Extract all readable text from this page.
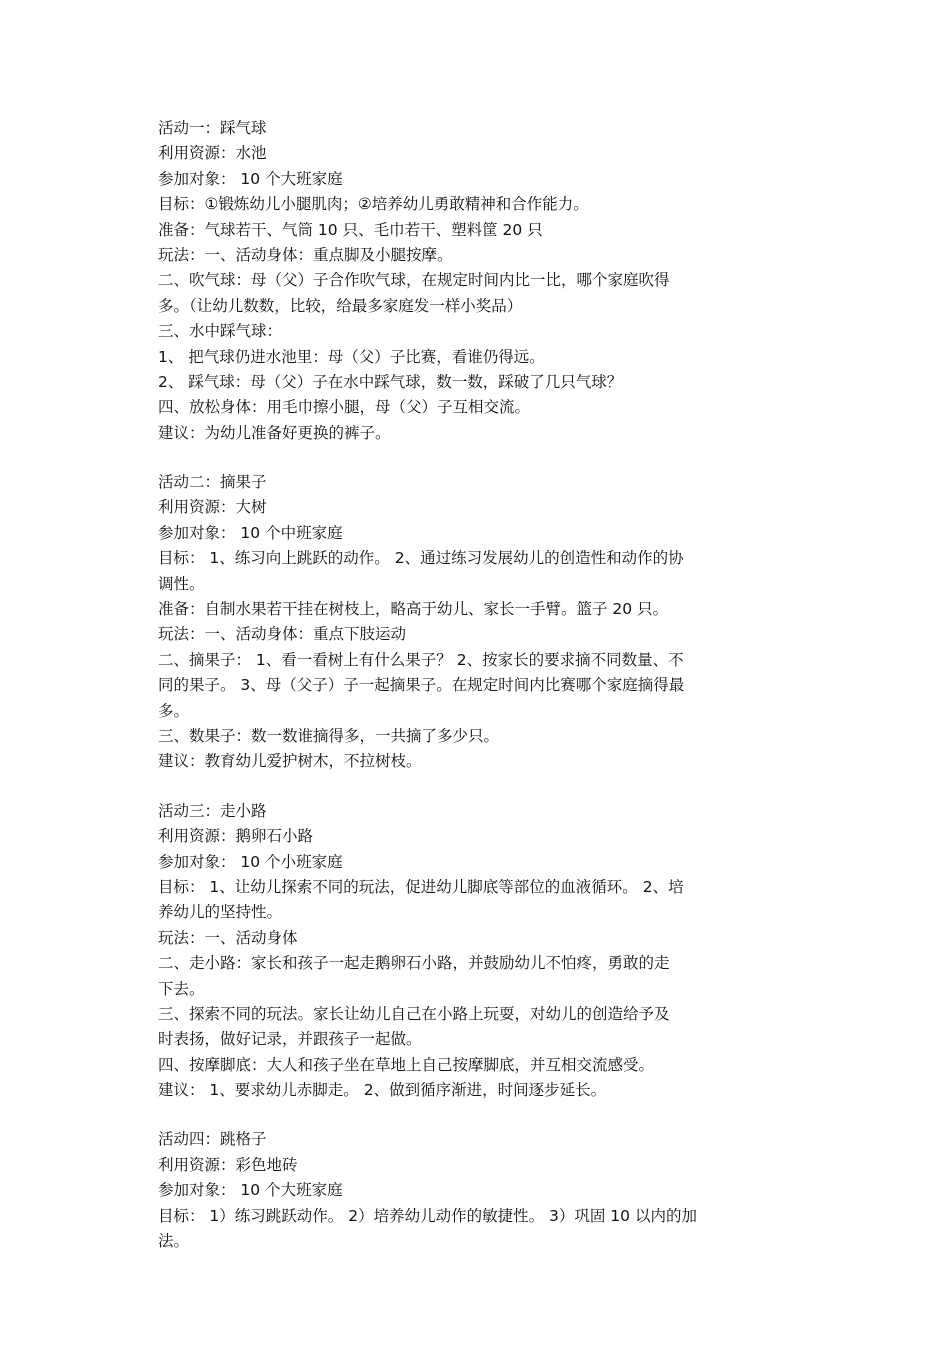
活动一：踩气球
利用资源：水池
参加对象： 10 个大班家庭
目标：①锻炼幼儿小腿肌肉；②培养幼儿勇敢精神和合作能力。
准备：气球若干、气筒 10 只、毛巾若干、塑料筐 20 只
玩法：一、活动身体：重点脚及小腿按摩。
二、吹气球：母（父）子合作吹气球，在规定时间内比一比，哪个家庭吹得
多。（让幼儿数数，比较，给最多家庭发一样小奖品）
三、水中踩气球：
1、 把气球仍进水池里：母（父）子比赛，看谁仍得远。
2、 踩气球：母（父）子在水中踩气球，数一数，踩破了几只气球？
四、放松身体：用毛巾擦小腿，母（父）子互相交流。
建议：为幼儿准备好更换的裤子。
活动二：摘果子
利用资源：大树
参加对象： 10 个中班家庭
目标： 1、练习向上跳跃的动作。 2、通过练习发展幼儿的创造性和动作的协
调性。
准备：自制水果若干挂在树枝上，略高于幼儿、家长一手臂。篮子 20 只。
玩法：一、活动身体：重点下肢运动
二、摘果子： 1、看一看树上有什么果子？ 2、按家长的要求摘不同数量、不
同的果子。 3、母（父子）子一起摘果子。在规定时间内比赛哪个家庭摘得最
多。
三、数果子：数一数谁摘得多，一共摘了多少只。
建议：教育幼儿爱护树木，不拉树枝。
活动三：走小路
利用资源：鹅卵石小路
参加对象： 10 个小班家庭
目标： 1、让幼儿探索不同的玩法，促进幼儿脚底等部位的血液循环。 2、培
养幼儿的坚持性。
玩法：一、活动身体
二、走小路：家长和孩子一起走鹅卵石小路，并鼓励幼儿不怕疼，勇敢的走
下去。
三、探索不同的玩法。家长让幼儿自己在小路上玩耍，对幼儿的创造给予及
时表扬，做好记录，并跟孩子一起做。
四、按摩脚底：大人和孩子坐在草地上自己按摩脚底，并互相交流感受。
建议： 1、要求幼儿赤脚走。 2、做到循序渐进，时间逐步延长。
活动四：跳格子
利用资源：彩色地砖
参加对象： 10 个大班家庭
目标： 1）练习跳跃动作。 2）培养幼儿动作的敏捷性。 3）巩固 10 以内的加
法。
